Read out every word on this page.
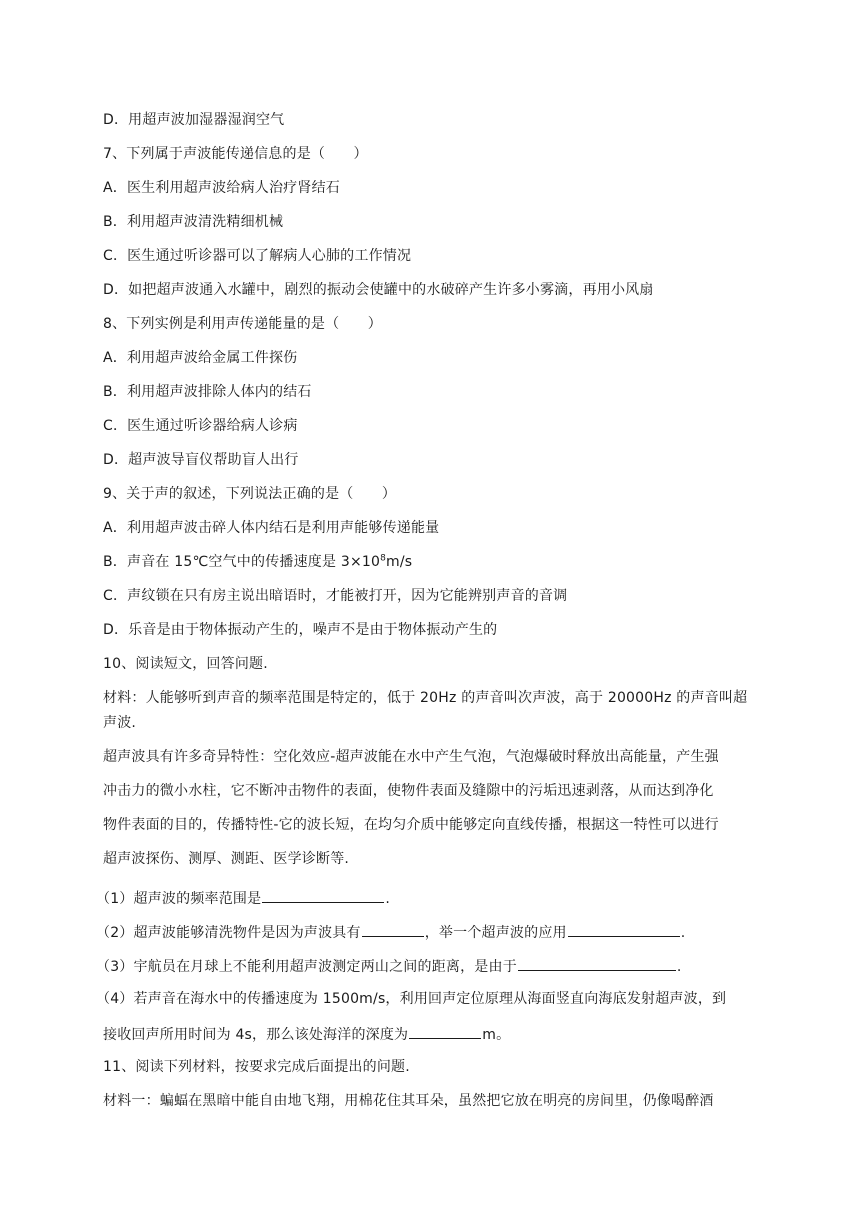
D．用超声波加湿器湿润空气
7、下列属于声波能传递信息的是（　　）
A．医生利用超声波给病人治疗肾结石
B．利用超声波清洗精细机械
C．医生通过听诊器可以了解病人心肺的工作情况
D．如把超声波通入水罐中，剧烈的振动会使罐中的水破碎产生许多小雾滴，再用小风扇
8、下列实例是利用声传递能量的是（　　）
A．利用超声波给金属工件探伤
B．利用超声波排除人体内的结石
C．医生通过听诊器给病人诊病
D．超声波导盲仪帮助盲人出行
9、关于声的叙述，下列说法正确的是（　　）
A．利用超声波击碎人体内结石是利用声能够传递能量
B．声音在 15℃空气中的传播速度是 $3\times 10^8m/s$
C．声纹锁在只有房主说出暗语时，才能被打开，因为它能辨别声音的音调
D．乐音是由于物体振动产生的，噪声不是由于物体振动产生的
10、阅读短文，回答问题.
材料：人能够听到声音的频率范围是特定的，低于 20Hz 的声音叫次声波，高于 20000Hz 的声音叫超
声波.
超声波具有许多奇异特性：空化效应-超声波能在水中产生气泡，气泡爆破时释放出高能量，产生强
冲击力的微小水柱，它不断冲击物件的表面，使物件表面及缝隙中的污垢迅速剥落，从而达到净化
物件表面的目的，传播特性-它的波长短，在均匀介质中能够定向直线传播，根据这一特性可以进行
超声波探伤、测厚、测距、医学诊断等.
（1）超声波的频率范围是	.
（2）超声波能够清洗物件是因为声波具有	，举一个超声波的应用	.
（3）宇航员在月球上不能利用超声波测定两山之间的距离，是由于	.
（4）若声音在海水中的传播速度为 1500m/s，利用回声定位原理从海面竖直向海底发射超声波，到
接收回声所用时间为 4s，那么该处海洋的深度为	m。
11、阅读下列材料，按要求完成后面提出的问题.
材料一：蝙蝠在黑暗中能自由地飞翔，用棉花住其耳朵，虽然把它放在明亮的房间里，仍像喝醉酒
